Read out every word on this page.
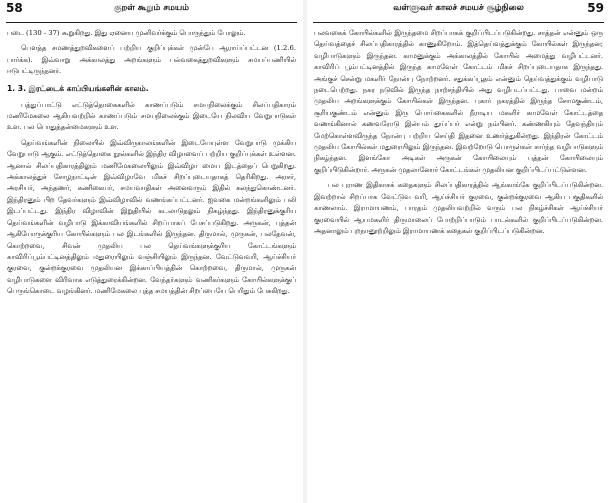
58	குறள் கூறும் சமயம்

படை (130 - 37) கூறுகிறது. இது ஏனைய முனிவர்க்கும் பொருந்தும் போலும்.

பௌத்த சமணத்துறவிகளைப் பற்றிய குறிப்புக்கள் முன்பே ஆராய்ப்பட்டன (1.2.6. பார்க்க). இவ்வாறு அக்காலத்து அறங்களும் பல்வகைத்துறவிகளும் சமயப்பணியில் ஈடுபட்டிருந்தனர்.

1. 3. இரட்டைக் காப்பியங்களின் காலம்.

பத்துப்பாட்டு எட்டுத்தொகைகளில் காணப்படும் சமயநிலைக்கும் சிலப்பதிகாரம் மணிமேகலை ஆகியவற்றில் காணப்படும் சமயநிலைக்கும் இடையே நிலவிய வேறுபாடுகள் உள. பல பொதுத்தன்மைகளும் உள.

தெய்வங்களின் நிலையில் இவ்விருகாலங்களின் இடையேயுள்ள வேறுபாடு முக்கிய வேறுபாடு ஆகும். எட்டுத்தொகை நூல்களில் இந்திர விழாவைப் பற்றிய குறிப்புக்கள் உள்ளன. ஆனால் சிலப்பதிகாரத்திலும் மணிமேகலையிலும் இவ்விழா மைய இடத்தைப் பெறுகிறது. அக்காலத்துச் சோழநாட்டின் இவ்விழாவே மிகச் சிறப்புடையதாகத் தெரிகிறது. அரசர், அரசியர், அந்தணர், கணிகையர், சமயவாதிகள் அனைவரும் இதில் கலந்துகொண்டனர். இந்திரனும் பிற தேவர்களும் இவ்விழாவில் வணங்கப்பட்டனர். ஐவகை மன்றங்களிலும் பலி இடப்பட்டது. இந்திர விழாவின் இறுதியில் கடலாடுதலும் நிகழ்ந்தது. இந்திரனுக்குரிய தெய்வங்களின் வழிபாடு இக்காவியங்களில் சிறப்பாகப் பேசப்படுகிறது. அருகன், புத்தன் ஆகியோருக்குரிய கோயில்களும் பல இடங்களில் இருந்தன. திருமால், முருகன், பலதேவன், கொற்றவை, சிவன் முதலிய பல தெய்வங்களுக்குரிய கோட்டங்களும் காவிரிப்பூம்பட்டினத்திலும் மதுரையிலும் வஞ்சியிலும் இருந்தன. வேட்டுவவரி, ஆய்ச்சியர் குரவை, குன்றக்குரவை முதலியன இக்காப்பியத்தின் கொற்றவை, திருமால், முருகன் வழிபாடுகளை விரிவாக எடுத்துரைக்கின்றன. வேந்தர்களும் வணிகர்களும் கோயில்களுக்குப் பெருங்கொடை வழங்கினர். மணிமேகலை புத்த சமயத்தின் சிறப்பையே பெரிதும் பேசுகிறது.

வள்ளுவர் காலச் சமயச் சூழ்நிலை	59

பலவகைக் கோயில்களில் இருந்தமை சிறப்பாகக் குறிப்பிடப்படுகின்றது. சாத்தன் என்னும் ஒரு தெய்வத்தைச் சிலப்பதிகாரத்தில் காணுகிறோம். இத்தெய்வத்துக்கும் கோயில்கள் இருந்தன; வழிபாடுகளும் இருந்தன. காமனுக்கும் அக்காலத்தில் கோயில் அமைத்து வழிபட்டனர். காவிரிப் பூம்பட்டினத்தில் இருந்த காமவேள் கோட்டம் மிகச் சிறப்புடையதாக இருந்தது. அங்குச் சென்று மகளிர் நோன்பு நோற்றனர். சதுக்கப்பூதம் என்னும் தெய்வத்துக்கும் வழிபாடு நடைபெற்றது. நகர நடுவில் இருந்த நாற்சந்தியில் அது வழிபடப்பட்டது. பாவை மன்றம் முதலிய அறங்களுக்கும் கோயில்கள் இருந்தன. புகார் நகரத்தில் இருந்த சோமகுண்டம், சூரியகுண்டம் என்னும் இரு பொய்கைகளில் நீராடிய மகளிர் காமவேள் கோட்டத்தை வணங்கினால் கணவரோடு இன்பம் துய்ப்பர் என்று நம்பினர். கண்ணகியும் தேவந்தியும் மேற்கொள்ளவிருந்த நோன்பு பற்றிய செய்தி இதனை உணர்த்துகின்றது. இந்திரன் கோட்டம் முதலிய கோயில்கள் மதுரையிலும் இருந்தன. இவற்றோடு பொருள்கள் சார்ந்த வழிபாடுகளும் நிகழ்ந்தன. இளங்கோ அடிகள் அருகன் கோயிலையும் புத்தன் கோயிலையும் குறிப்பிடுகின்றார். அருகன் முதலானோர் கோட்டங்கள் முதலியன குறிப்பிடப்பட்டுள்ளன.

பல புராண இதிகாசக் கதைகளும் சிலப்பதிகாரத்தில் ஆங்காங்கே குறிப்பிடப்படுகின்றன. இவற்றால் சிறப்பாக வேட்டுவ வரி, ஆய்ச்சியர் குரவை, குன்றக்குரவை ஆகிய பகுதிகளில் காணலாம். இராமாயணம், பாரதம் முதலியவற்றில் வரும் பல நிகழ்ச்சிகள் ஆய்ச்சியர் குரவையில் ஆயமகளிர் திருமாலைப் போற்றிப்பாடும் பாடல்களில் குறிப்பிடப்படுகின்றன. அதனாலும் புறநானூற்றிலும் இராமாயணக் கதைகள் குறிப்பிடப்படுகின்றன.
